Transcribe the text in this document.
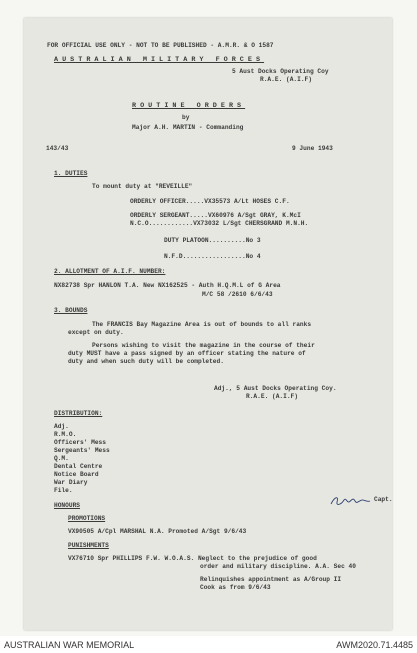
FOR OFFICIAL USE ONLY - NOT TO BE PUBLISHED - A.M.R. & O 1587
AUSTRALIAN MILITARY FORCES
5 Aust Docks Operating Coy
R.A.E. (A.I.F)
ROUTINE ORDERS
by
Major A.H. MARTIN - Commanding
143/43	9 June 1943
1. DUTIES
To mount duty at "REVEILLE"
ORDERLY OFFICER.....VX35573 A/Lt HOSES C.F.
ORDERLY SERGEANT.....VX60976 A/Sgt GRAY, K.McI
N.C.O............VX73032 L/Sgt CHERSGRAND M.N.H.
DUTY PLATOON..........No 3
N.F.D.................No 4
2. ALLOTMENT OF A.I.F. NUMBER:
NX82738 Spr HANLON T.A. New NX162525 - Auth H.Q.M.L of G Area
M/C 58 /2610 6/6/43
3. BOUNDS
The FRANCIS Bay Magazine Area is out of bounds to all ranks
except on duty.
Persons wishing to visit the magazine in the course of their
duty MUST have a pass signed by an officer stating the nature of
duty and when such duty will be completed.
Capt.
Adj., 5 Aust Docks Operating Coy.
R.A.E. (A.I.F)
DISTRIBUTION:
Adj.
R.M.O.
Officers' Mess
Sergeants' Mess
Q.M.
Dental Centre
Notice Board
War Diary
File.
HONOURS
PROMOTIONS
VX90505 A/Cpl MARSHAL N.A. Promoted A/Sgt 9/6/43
PUNISHMENTS
VX76710 Spr PHILLIPS F.W. W.O.A.S. Neglect to the prejudice of good
order and military discipline. A.A. Sec 40
Relinquishes appointment as A/Group II
Cook as from 9/6/43
AUSTRALIAN WAR MEMORIAL	AWM2020.71.4485
